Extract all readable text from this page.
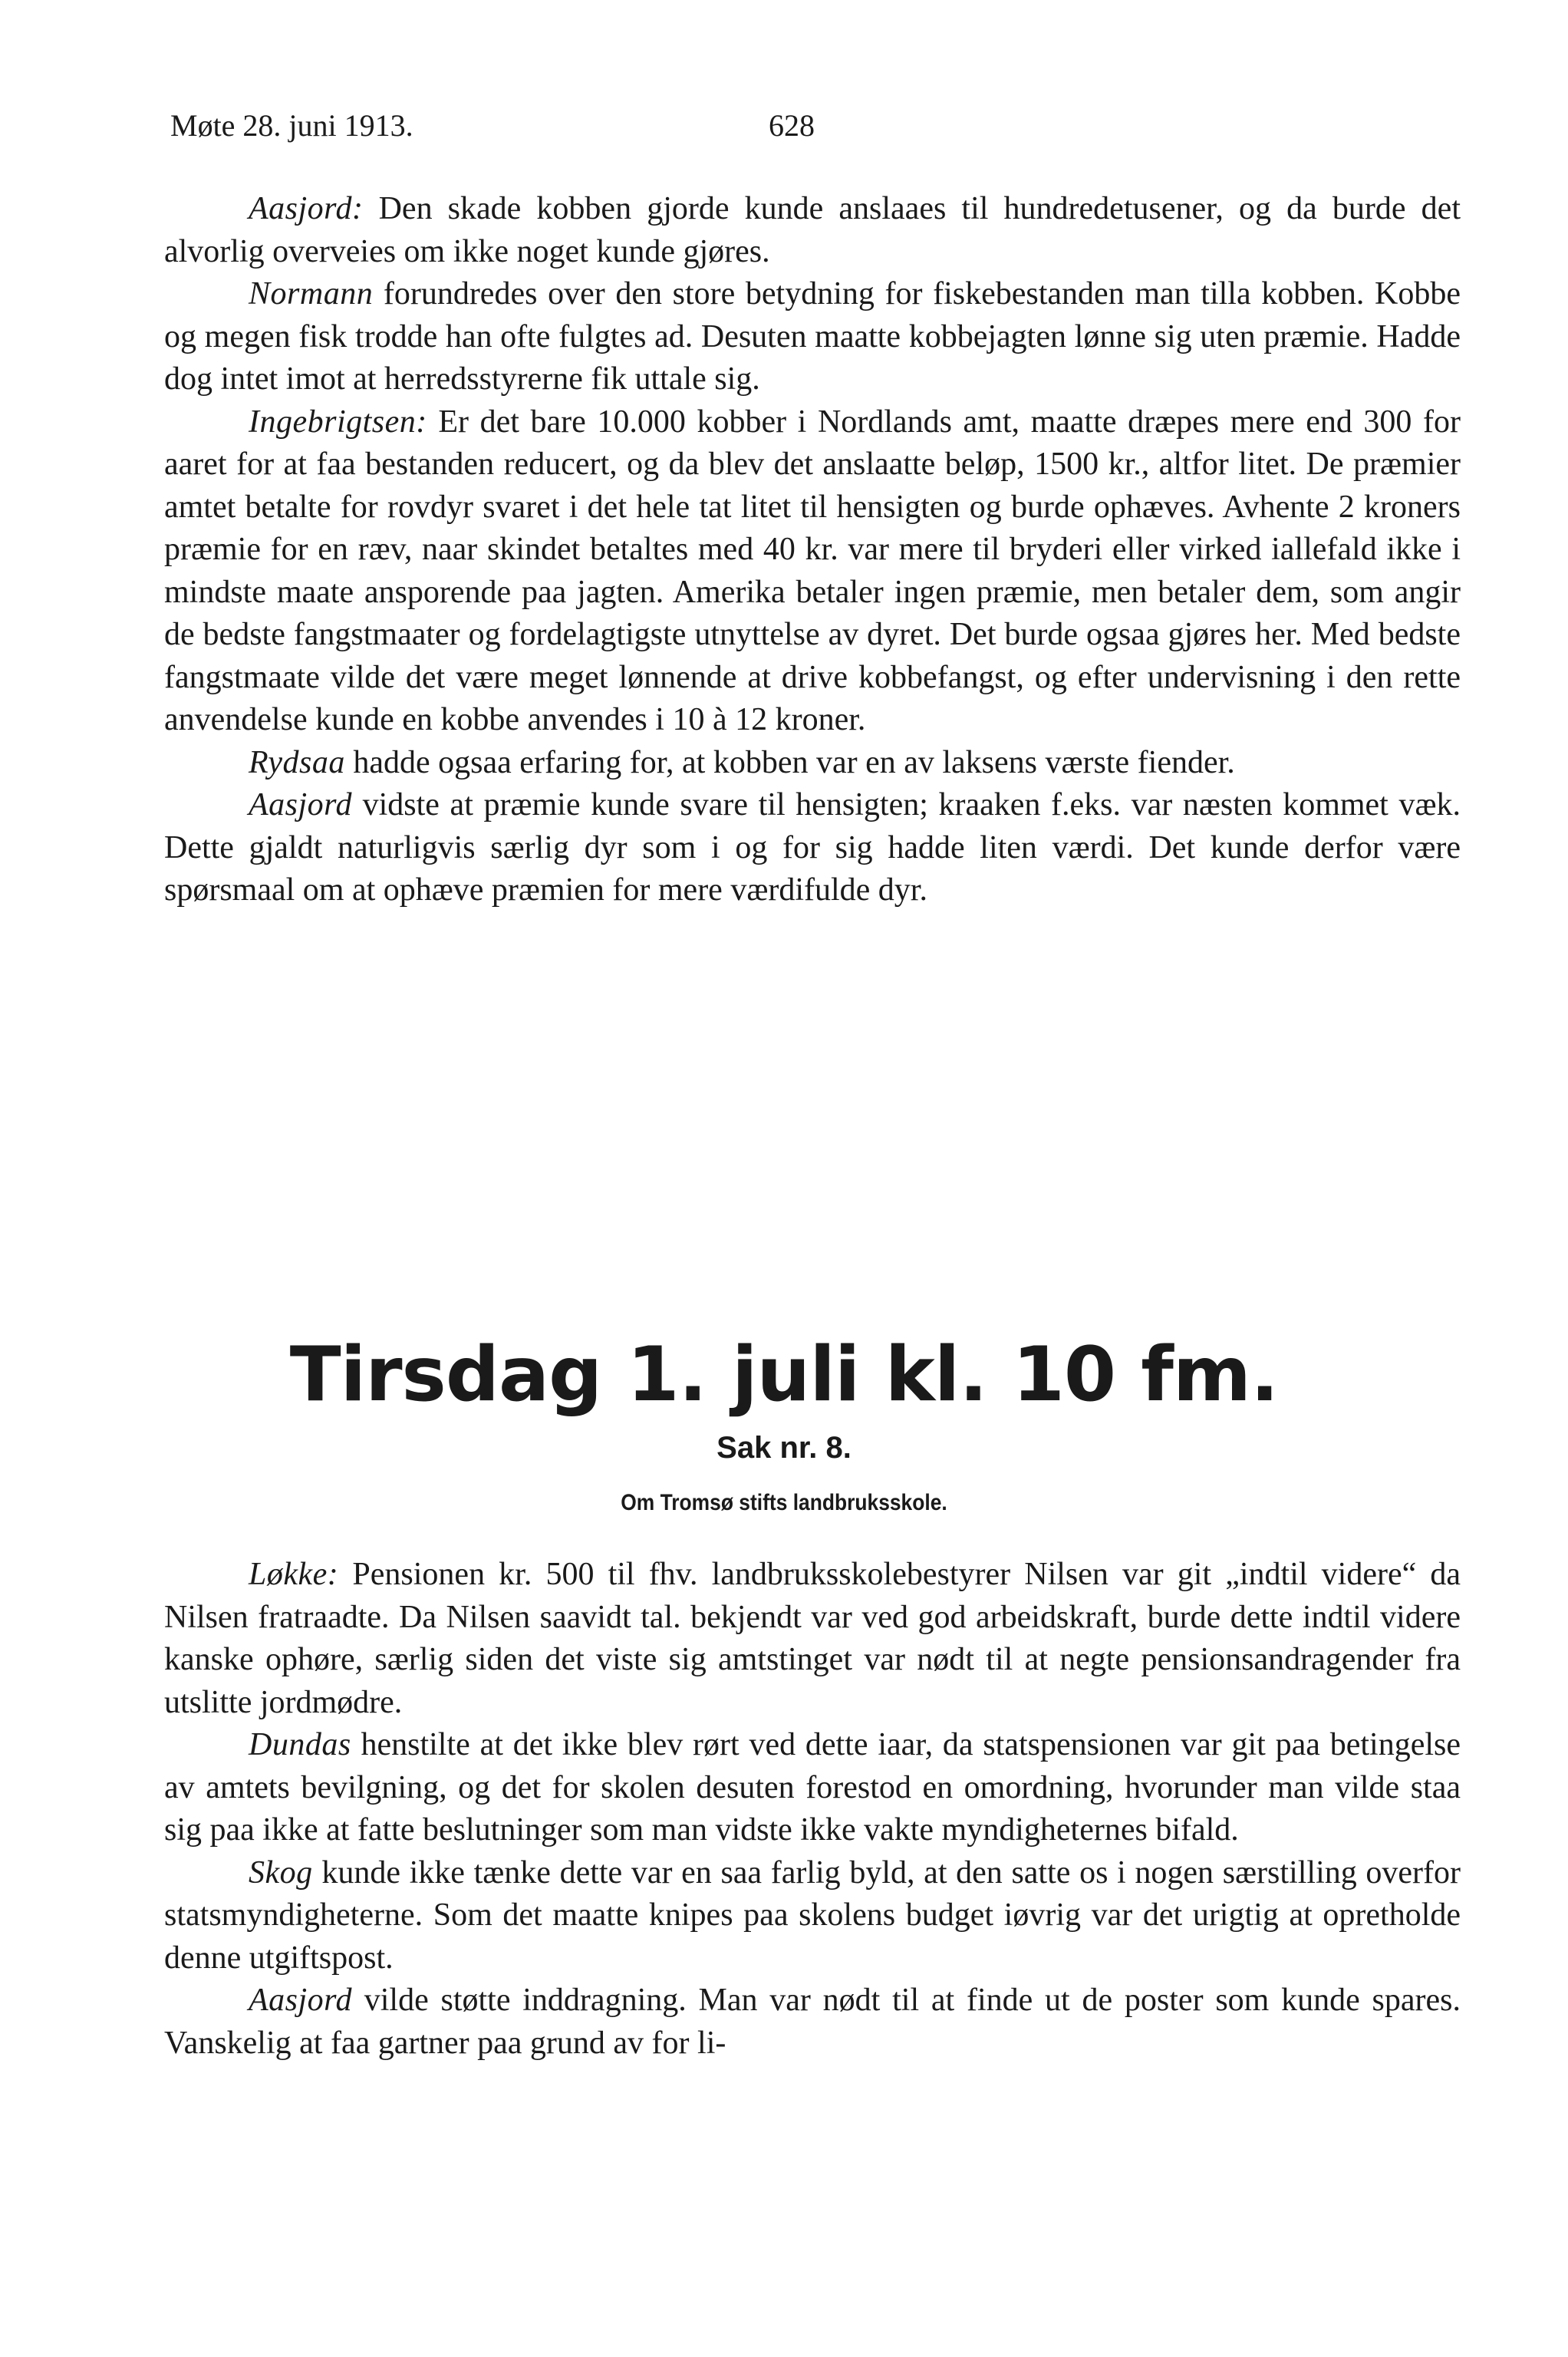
Møte 28. juni 1913.	628

Aasjord: Den skade kobben gjorde kunde anslaaes til hundredetusener, og da burde det alvorlig overveies om ikke noget kunde gjøres.

Normann forundredes over den store betydning for fiskebestanden man tilla kobben. Kobbe og megen fisk trodde han ofte fulgtes ad. Desuten maatte kobbejagten lønne sig uten præmie. Hadde dog intet imot at herredsstyrerne fik uttale sig.

Ingebrigtsen: Er det bare 10.000 kobber i Nordlands amt, maatte dræpes mere end 300 for aaret for at faa bestanden reducert, og da blev det anslaatte beløp, 1500 kr., altfor litet. De præmier amtet betalte for rovdyr svaret i det hele tat litet til hensigten og burde ophæves. Avhente 2 kroners præmie for en ræv, naar skindet betaltes med 40 kr. var mere til bryderi eller virked iallefald ikke i mindste maate ansporende paa jagten. Amerika betaler ingen præmie, men betaler dem, som angir de bedste fangstmaater og fordelagtigste utnyttelse av dyret. Det burde ogsaa gjøres her. Med bedste fangstmaate vilde det være meget lønnende at drive kobbefangst, og efter undervisning i den rette anvendelse kunde en kobbe anvendes i 10 à 12 kroner.

Rydsaa hadde ogsaa erfaring for, at kobben var en av laksens værste fiender.

Aasjord vidste at præmie kunde svare til hensigten; kraaken f.eks. var næsten kommet væk. Dette gjaldt naturligvis særlig dyr som i og for sig hadde liten værdi. Det kunde derfor være spørsmaal om at ophæve præmien for mere værdifulde dyr.

Tirsdag 1. juli kl. 10 fm.
Sak nr. 8.
Om Tromsø stifts landbruksskole.

Løkke: Pensionen kr. 500 til fhv. landbruksskolebestyrer Nilsen var git „indtil videre“ da Nilsen fratraadte. Da Nilsen saavidt tal. bekjendt var ved god arbeidskraft, burde dette indtil videre kanske ophøre, særlig siden det viste sig amtstinget var nødt til at negte pensionsandragender fra utslitte jordmødre.

Dundas henstilte at det ikke blev rørt ved dette iaar, da statspensionen var git paa betingelse av amtets bevilgning, og det for skolen desuten forestod en omordning, hvorunder man vilde staa sig paa ikke at fatte beslutninger som man vidste ikke vakte myndigheternes bifald.

Skog kunde ikke tænke dette var en saa farlig byld, at den satte os i nogen særstilling overfor statsmyndigheterne. Som det maatte knipes paa skolens budget iøvrig var det urigtig at opretholde denne utgiftspost.

Aasjord vilde støtte inddragning. Man var nødt til at finde ut de poster som kunde spares. Vanskelig at faa gartner paa grund av for li-
